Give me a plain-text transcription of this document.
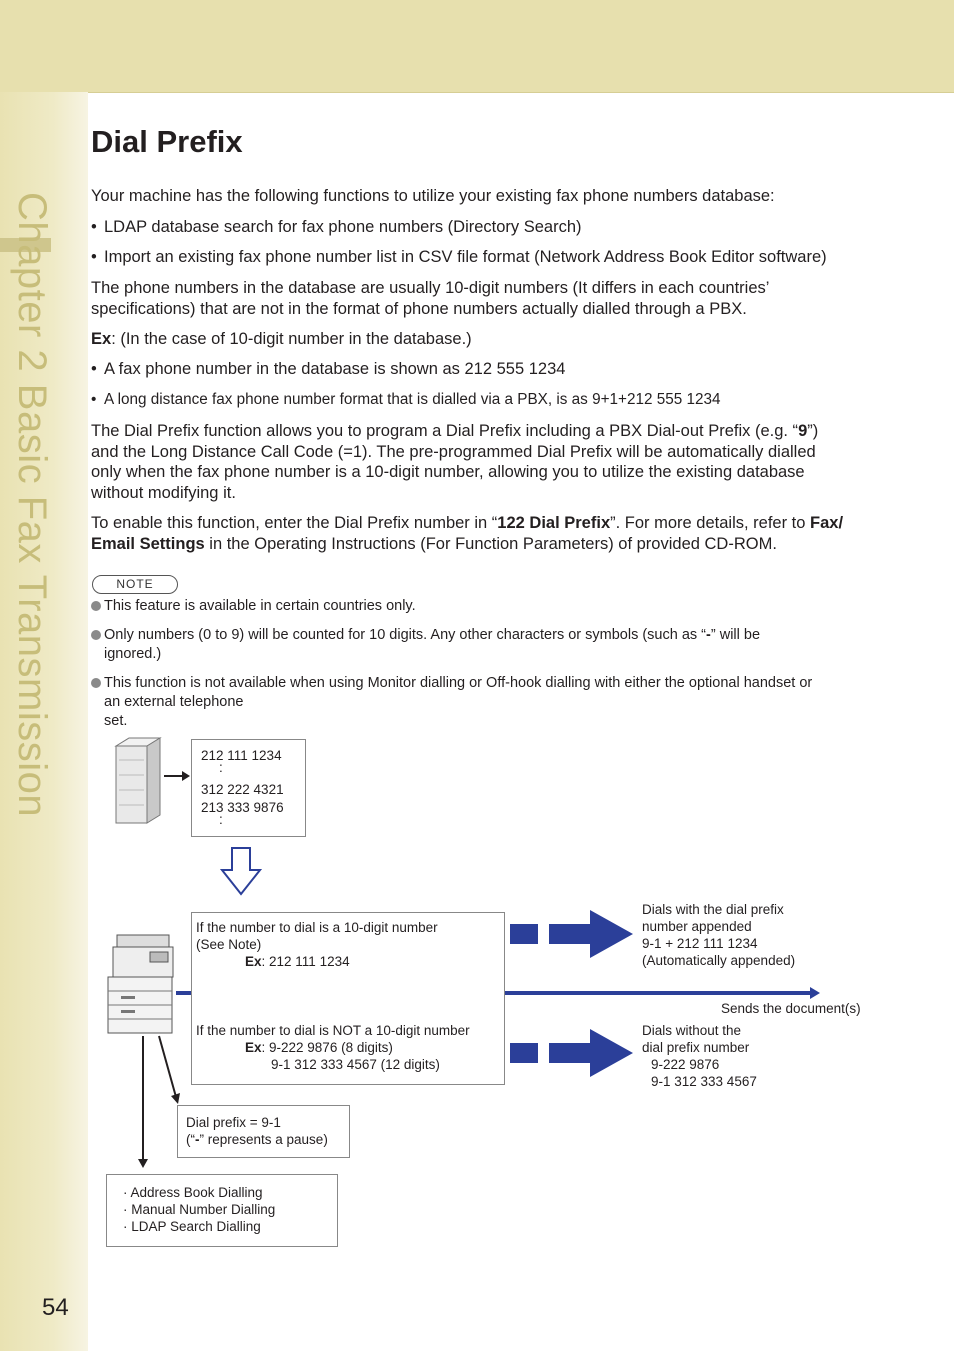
Chapter 2 Basic Fax Transmission
Dial Prefix
Your machine has the following functions to utilize your existing fax phone numbers database:
• LDAP database search for fax phone numbers (Directory Search)
• Import an existing fax phone number list in CSV file format (Network Address Book Editor software)
The phone numbers in the database are usually 10-digit numbers (It differs in each countries’
specifications) that are not in the format of phone numbers actually dialled through a PBX.
Ex: (In the case of 10-digit number in the database.)
• A fax phone number in the database is shown as 212 555 1234
• A long distance fax phone number format that is dialled via a PBX, is as 9+1+212 555 1234
The Dial Prefix function allows you to program a Dial Prefix including a PBX Dial-out Prefix (e.g. “9”)
and the Long Distance Call Code (=1). The pre-programmed Dial Prefix will be automatically dialled
only when the fax phone number is a 10-digit number, allowing you to utilize the existing database
without modifying it.
To enable this function, enter the Dial Prefix number in “122 Dial Prefix”. For more details, refer to Fax/
Email Settings in the Operating Instructions (For Function Parameters) of provided CD-ROM.
NOTE
This feature is available in certain countries only.
Only numbers (0 to 9) will be counted for 10 digits. Any other characters or symbols (such as “-” will be
ignored.)
This function is not available when using Monitor dialling or Off-hook dialling with either the optional handset or
an external telephone
set.
212 111 1234
:
312 222 4321
213 333 9876
:
If the number to dial is a 10-digit number
(See Note)
Ex: 212 111 1234
If the number to dial is NOT a 10-digit number
Ex: 9-222 9876 (8 digits)
9-1 312 333 4567 (12 digits)
Dials with the dial prefix
number appended
9-1 + 212 111 1234
(Automatically appended)
Sends the document(s)
Dials without the
dial prefix number
9-222 9876
9-1 312 333 4567
Dial prefix = 9-1
(“-” represents a pause)
· Address Book Dialling
· Manual Number Dialling
· LDAP Search Dialling
54
